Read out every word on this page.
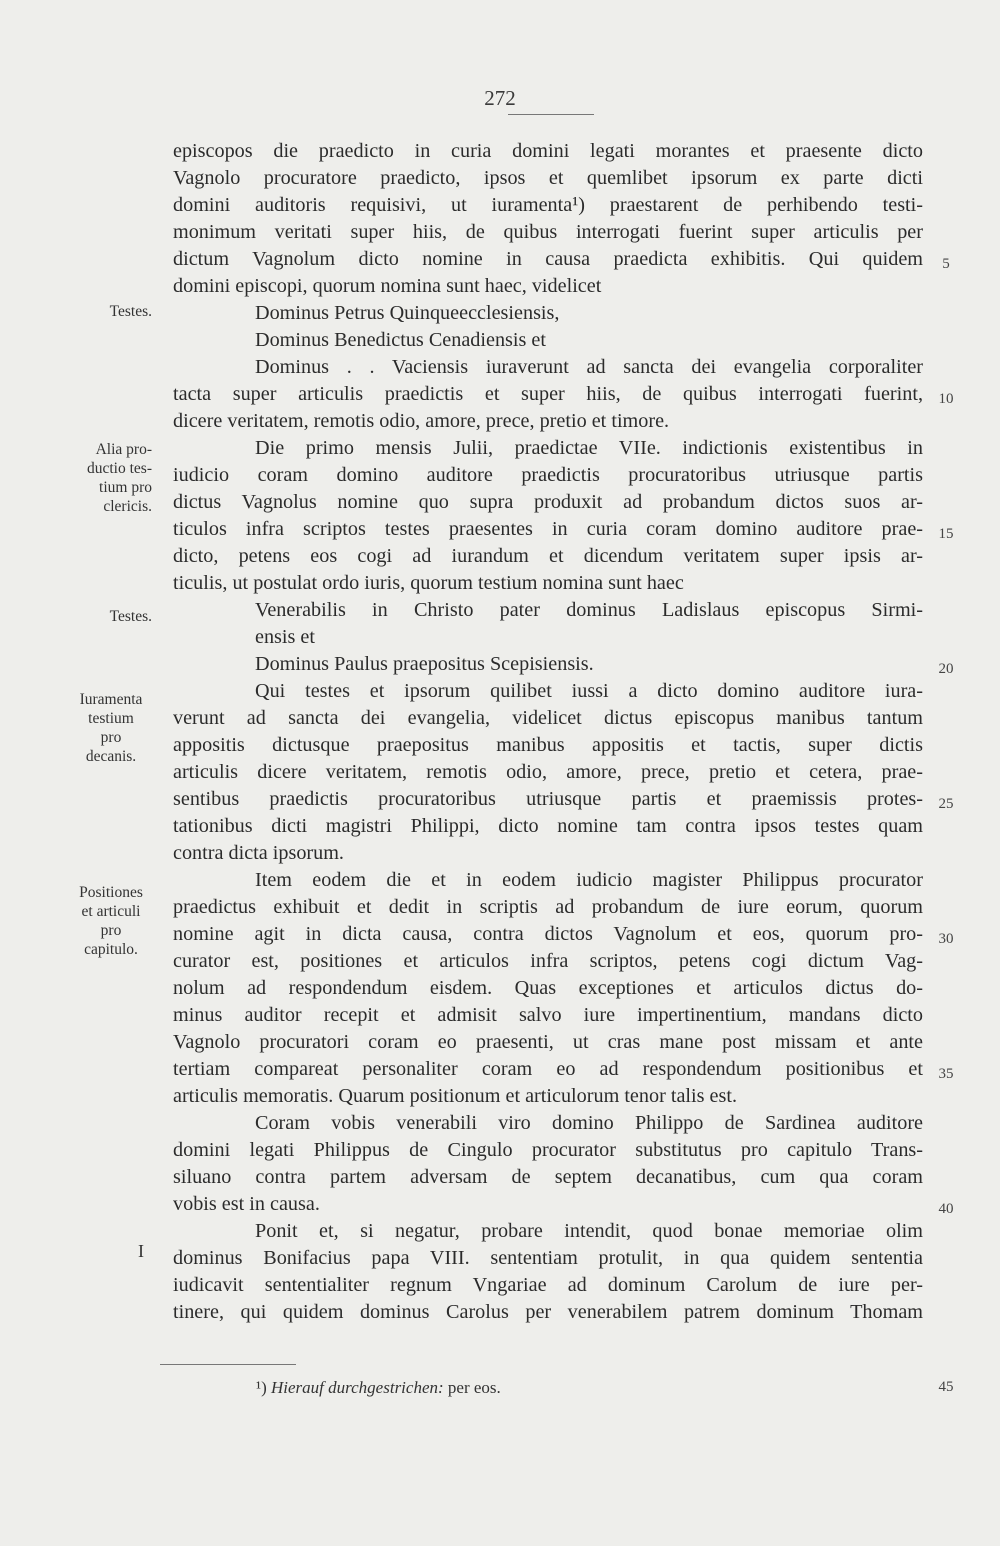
272
episcopos die praedicto in curia domini legati morantes et praesente dicto
Vagnolo procuratore praedicto, ipsos et quemlibet ipsorum ex parte dicti
domini auditoris requisivi, ut iuramenta¹) praestarent de perhibendo testi-
monimum veritati super hiis, de quibus interrogati fuerint super articulis per
dictum Vagnolum dicto nomine in causa praedicta exhibitis. Qui quidem
domini episcopi, quorum nomina sunt haec, videlicet
Dominus Petrus Quinqueecclesiensis,
Dominus Benedictus Cenadiensis et
Dominus . . Vaciensis iuraverunt ad sancta dei evangelia corporaliter
tacta super articulis praedictis et super hiis, de quibus interrogati fuerint,
dicere veritatem, remotis odio, amore, prece, pretio et timore.
Die primo mensis Julii, praedictae VIIe. indictionis existentibus in
iudicio coram domino auditore praedictis procuratoribus utriusque partis
dictus Vagnolus nomine quo supra produxit ad probandum dictos suos ar-
ticulos infra scriptos testes praesentes in curia coram domino auditore prae-
dicto, petens eos cogi ad iurandum et dicendum veritatem super ipsis ar-
ticulis, ut postulat ordo iuris, quorum testium nomina sunt haec
Venerabilis in Christo pater dominus Ladislaus episcopus Sirmi-
ensis et
Dominus Paulus praepositus Scepisiensis.
Qui testes et ipsorum quilibet iussi a dicto domino auditore iura-
verunt ad sancta dei evangelia, videlicet dictus episcopus manibus tantum
appositis dictusque praepositus manibus appositis et tactis, super dictis
articulis dicere veritatem, remotis odio, amore, prece, pretio et cetera, prae-
sentibus praedictis procuratoribus utriusque partis et praemissis protes-
tationibus dicti magistri Philippi, dicto nomine tam contra ipsos testes quam
contra dicta ipsorum.
Item eodem die et in eodem iudicio magister Philippus procurator
praedictus exhibuit et dedit in scriptis ad probandum de iure eorum, quorum
nomine agit in dicta causa, contra dictos Vagnolum et eos, quorum pro-
curator est, positiones et articulos infra scriptos, petens cogi dictum Vag-
nolum ad respondendum eisdem. Quas exceptiones et articulos dictus do-
minus auditor recepit et admisit salvo iure impertinentium, mandans dicto
Vagnolo procuratori coram eo praesenti, ut cras mane post missam et ante
tertiam compareat personaliter coram eo ad respondendum positionibus et
articulis memoratis. Quarum positionum et articulorum tenor talis est.
Coram vobis venerabili viro domino Philippo de Sardinea auditore
domini legati Philippus de Cingulo procurator substitutus pro capitulo Trans-
siluano contra partem adversam de septem decanatibus, cum qua coram
vobis est in causa.
Ponit et, si negatur, probare intendit, quod bonae memoriae olim
dominus Bonifacius papa VIII. sententiam protulit, in qua quidem sententia
iudicavit sententialiter regnum Vngariae ad dominum Carolum de iure per-
tinere, qui quidem dominus Carolus per venerabilem patrem dominum Thomam
Testes.
Alia pro-
ductio tes-
tium pro
clericis.
Testes.
Iuramenta
testium
pro
decanis.
Positiones
et articuli
pro
capitulo.
I
5
10
15
20
25
30
35
40
45
¹) Hierauf durchgestrichen: per eos.
